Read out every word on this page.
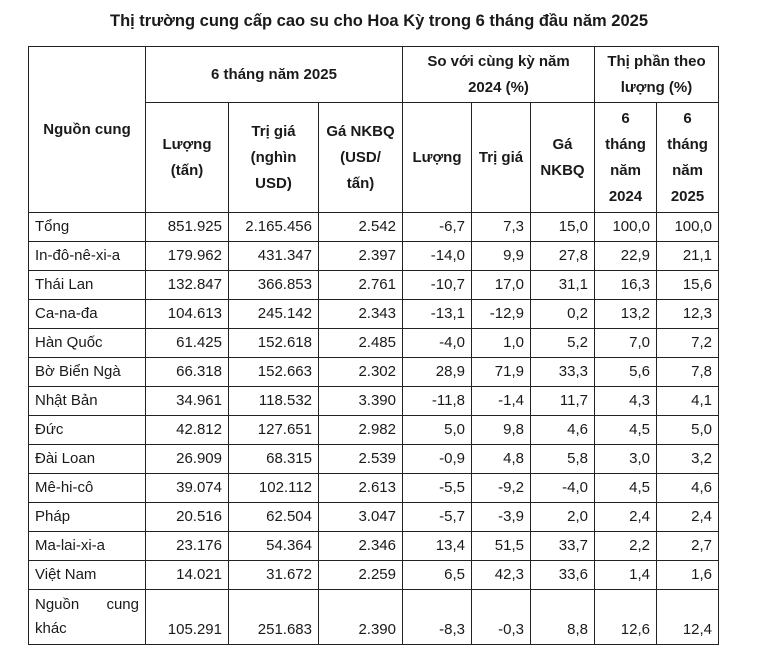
Thị trường cung cấp cao su cho Hoa Kỳ trong 6 tháng đầu năm 2025
Nguồn cung	6 tháng năm 2025			So với cùng kỳ năm 2024 (%)			Thị phần theo lượng (%)	
	Lượng (tấn)	Trị giá (nghìn USD)	Gá NKBQ (USD/ tấn)	Lượng	Trị giá	Gá NKBQ	6 tháng năm 2024	6 tháng năm 2025
Tổng	851.925	2.165.456	2.542	-6,7	7,3	15,0	100,0	100,0
In-đô-nê-xi-a	179.962	431.347	2.397	-14,0	9,9	27,8	22,9	21,1
Thái Lan	132.847	366.853	2.761	-10,7	17,0	31,1	16,3	15,6
Ca-na-đa	104.613	245.142	2.343	-13,1	-12,9	0,2	13,2	12,3
Hàn Quốc	61.425	152.618	2.485	-4,0	1,0	5,2	7,0	7,2
Bờ Biển Ngà	66.318	152.663	2.302	28,9	71,9	33,3	5,6	7,8
Nhật Bản	34.961	118.532	3.390	-11,8	-1,4	11,7	4,3	4,1
Đức	42.812	127.651	2.982	5,0	9,8	4,6	4,5	5,0
Đài Loan	26.909	68.315	2.539	-0,9	4,8	5,8	3,0	3,2
Mê-hi-cô	39.074	102.112	2.613	-5,5	-9,2	-4,0	4,5	4,6
Pháp	20.516	62.504	3.047	-5,7	-3,9	2,0	2,4	2,4
Ma-lai-xi-a	23.176	54.364	2.346	13,4	51,5	33,7	2,2	2,7
Việt Nam	14.021	31.672	2.259	6,5	42,3	33,6	1,4	1,6
Nguồn cung khác	105.291	251.683	2.390	-8,3	-0,3	8,8	12,6	12,4
